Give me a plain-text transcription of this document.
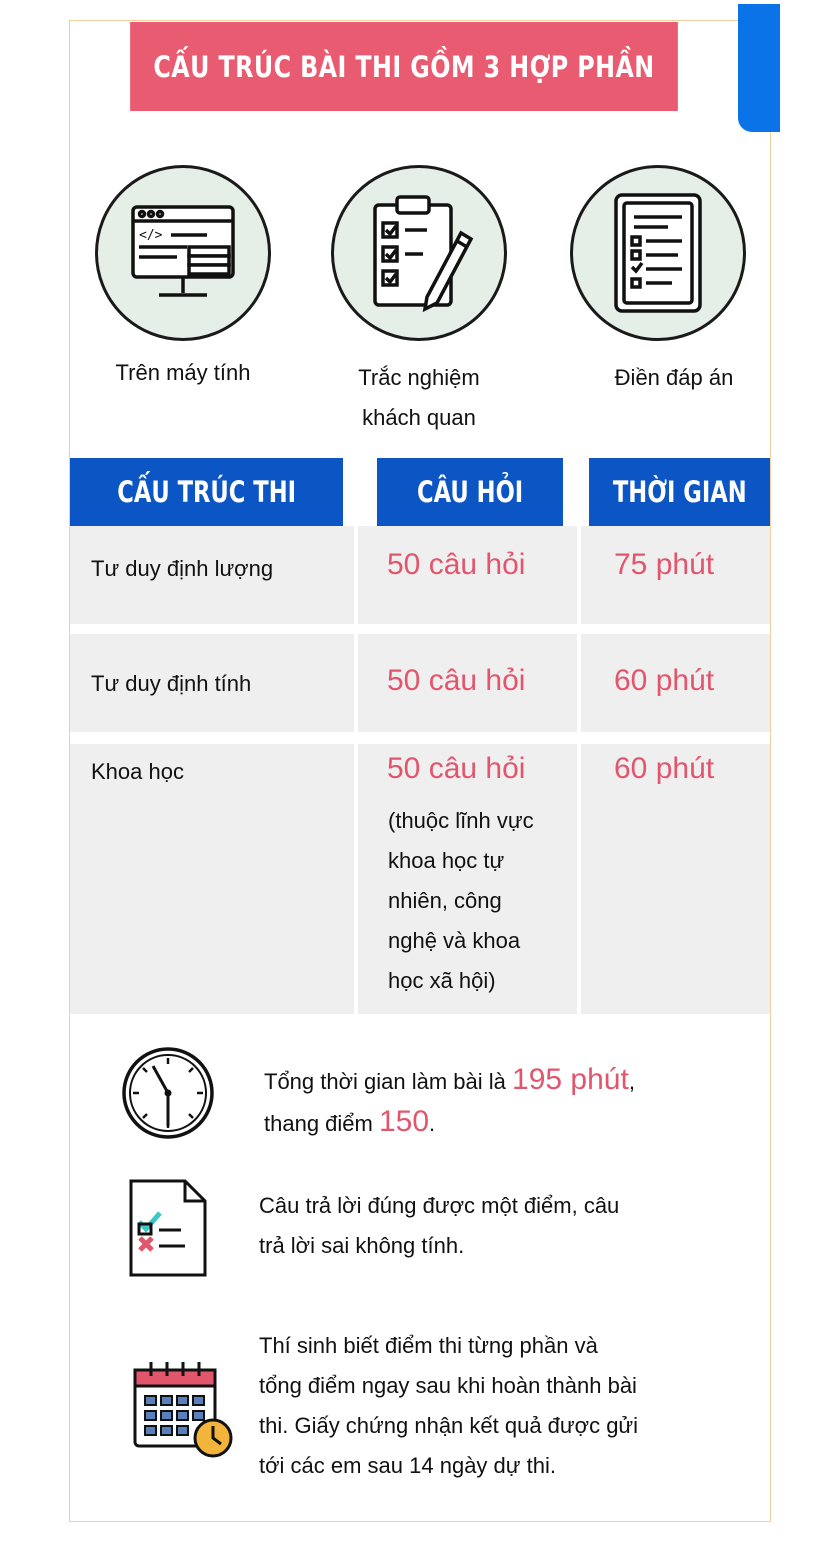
CẤU TRÚC BÀI THI GỒM 3 HỢP PHẦN
</>
Trên máy tính	Trắc nghiệm
khách quan
Điền đáp án
CẤU TRÚC THI	CÂU HỎI	THỜI GIAN
Tư duy định lượng	50 câu hỏi	75 phút
Tư duy định tính	50 câu hỏi	60 phút
Khoa học	50 câu hỏi	60 phút
(thuộc lĩnh vực
khoa học tự
nhiên, công
nghệ và khoa
học xã hội)
Tổng thời gian làm bài là 195 phút,
thang điểm 150.
Câu trả lời đúng được một điểm, câu
trả lời sai không tính.
Thí sinh biết điểm thi từng phần và
tổng điểm ngay sau khi hoàn thành bài
thi. Giấy chứng nhận kết quả được gửi
tới các em sau 14 ngày dự thi.
